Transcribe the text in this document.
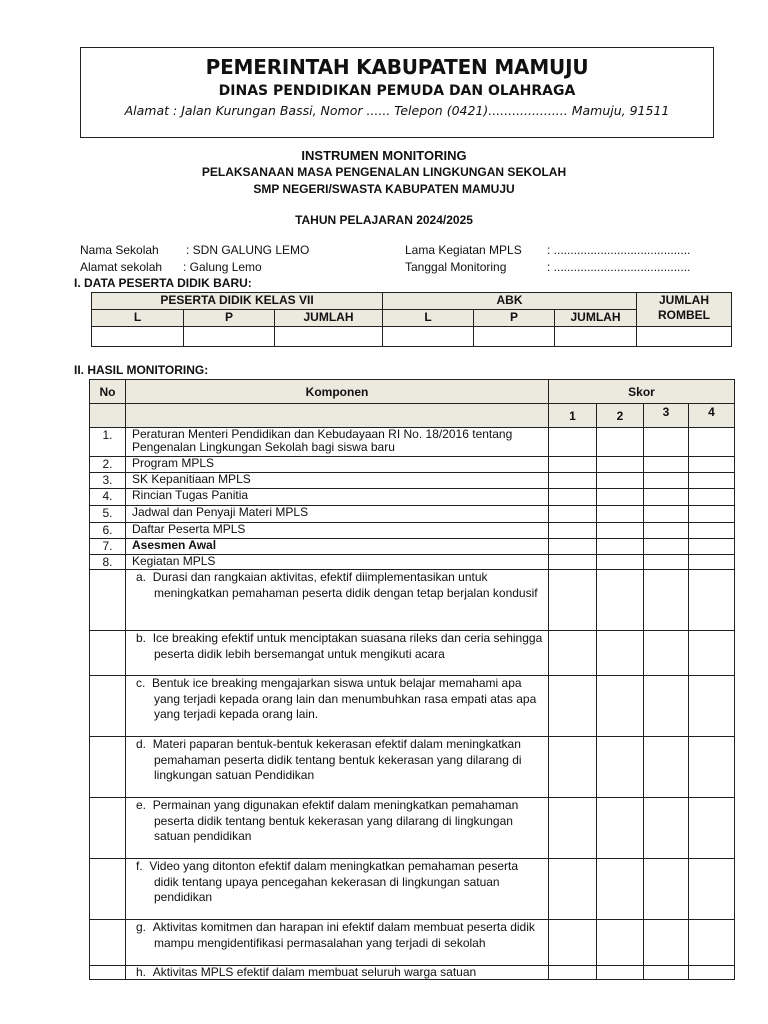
PEMERINTAH KABUPATEN MAMUJU
DINAS PENDIDIKAN PEMUDA DAN OLAHRAGA
Alamat : Jalan Kurungan Bassi, Nomor ...... Telepon (0421).................... Mamuju, 91511
INSTRUMEN MONITORING
PELAKSANAAN MASA PENGENALAN LINGKUNGAN SEKOLAH
SMP NEGERI/SWASTA KABUPATEN MAMUJU
TAHUN PELAJARAN 2024/2025
Nama Sekolah : SDN GALUNG LEMO
Alamat sekolah : Galung Lemo
Lama Kegiatan MPLS : .........................................
Tanggal Monitoring	: .........................................
I. DATA PESERTA DIDIK BARU:
PESERTA DIDIK KELAS VII			ABK			JUMLAH ROMBEL
L	P	JUMLAH	L	P	JUMLAH	

II. HASIL MONITORING:
No	Komponen	Skor			
		1	2	3	4
1.	Peraturan Menteri Pendidikan dan Kebudayaan RI No. 18/2016 tentang Pengenalan Lingkungan Sekolah bagi siswa baru				
2.	Program MPLS				
3.	SK Kepanitiaan MPLS				
4.	Rincian Tugas Panitia				
5.	Jadwal dan Penyaji Materi MPLS				
6.	Daftar Peserta MPLS				
7.	Asesmen Awal				
8.	Kegiatan MPLS				
	a. Durasi dan rangkaian aktivitas, efektif diimplementasikan untuk meningkatkan pemahaman peserta didik dengan tetap berjalan kondusif				
	b. Ice breaking efektif untuk menciptakan suasana rileks dan ceria sehingga peserta didik lebih bersemangat untuk mengikuti acara				
	c. Bentuk ice breaking mengajarkan siswa untuk belajar memahami apa yang terjadi kepada orang lain dan menumbuhkan rasa empati atas apa yang terjadi kepada orang lain.				
	d. Materi paparan bentuk-bentuk kekerasan efektif dalam meningkatkan pemahaman peserta didik tentang bentuk kekerasan yang dilarang di lingkungan satuan Pendidikan				
	e. Permainan yang digunakan efektif dalam meningkatkan pemahaman peserta didik tentang bentuk kekerasan yang dilarang di lingkungan satuan pendidikan				
	f. Video yang ditonton efektif dalam meningkatkan pemahaman peserta didik tentang upaya pencegahan kekerasan di lingkungan satuan pendidikan				
	g. Aktivitas komitmen dan harapan ini efektif dalam membuat peserta didik mampu mengidentifikasi permasalahan yang terjadi di sekolah				
	h. Aktivitas MPLS efektif dalam membuat seluruh warga satuan				
